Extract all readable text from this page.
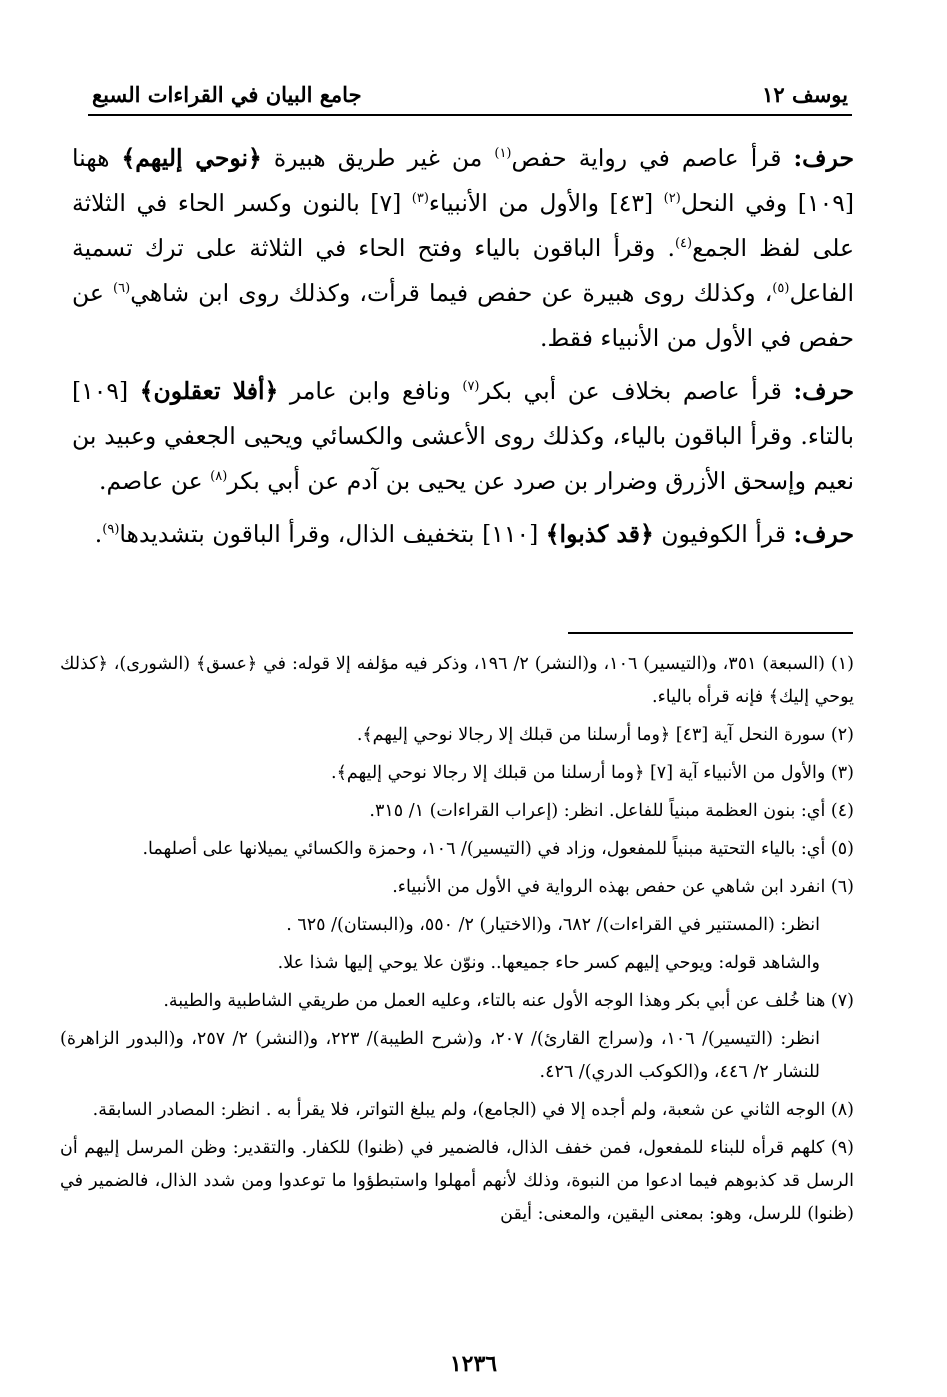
يوسف ١٢
جامع البيان في القراءات السبع

حرف: قرأ عاصم في رواية حفص$^{(١)}$ من غير طريق هبيرة ﴿نوحي إليهم﴾ ههنا [١٠٩] وفي النحل$^{(٢)}$ [٤٣] والأول من الأنبياء$^{(٣)}$ [٧] بالنون وكسر الحاء في الثلاثة على لفظ الجمع$^{(٤)}$. وقرأ الباقون بالياء وفتح الحاء في الثلاثة على ترك تسمية الفاعل$^{(٥)}$، وكذلك روى هبيرة عن حفص فيما قرأت، وكذلك روى ابن شاهي$^{(٦)}$ عن حفص في الأول من الأنبياء فقط.

حرف: قرأ عاصم بخلاف عن أبي بكر$^{(٧)}$ ونافع وابن عامر ﴿أفلا تعقلون﴾ [١٠٩] بالتاء. وقرأ الباقون بالياء، وكذلك روى الأعشى والكسائي ويحيى الجعفي وعبيد بن نعيم وإسحق الأزرق وضرار بن صرد عن يحيى بن آدم عن أبي بكر$^{(٨)}$ عن عاصم.

حرف: قرأ الكوفيون ﴿قد كذبوا﴾ [١١٠] بتخفيف الذال، وقرأ الباقون بتشديدها$^{(٩)}$.

(١) (السبعة) ٣٥١، و(التيسير) ١٠٦، و(النشر) ٢/ ١٩٦، وذكر فيه مؤلفه إلا قوله: في ﴿عسق﴾ (الشورى)، ﴿كذلك يوحي إليك﴾ فإنه قرأه بالياء.

(٢) سورة النحل آية [٤٣] ﴿وما أرسلنا من قبلك إلا رجالا نوحي إليهم﴾.

(٣) والأول من الأنبياء آية [٧] ﴿وما أرسلنا من قبلك إلا رجالا نوحي إليهم﴾.

(٤) أي: بنون العظمة مبنياً للفاعل. انظر: (إعراب القراءات) ١/ ٣١٥.

(٥) أي: بالياء التحتية مبنياً للمفعول، وزاد في (التيسير)/ ١٠٦، وحمزة والكسائي يميلانها على أصلهما.

(٦) انفرد ابن شاهي عن حفص بهذه الرواية في الأول من الأنبياء.

انظر: (المستنير في القراءات)/ ٦٨٢، و(الاختيار) ٢/ ٥٥٠، و(البستان)/ ٦٢٥ .

والشاهد قوله: ويوحي إليهم كسر حاء جميعها.. ونوّن علا يوحي إليها شذا علا.

(٧) هنا خُلف عن أبي بكر وهذا الوجه الأول عنه بالتاء، وعليه العمل من طريقي الشاطبية والطيبة.

انظر: (التيسير)/ ١٠٦، و(سراج القارئ)/ ٢٠٧، و(شرح الطيبة)/ ٢٢٣، و(النشر) ٢/ ٢٥٧، و(البدور الزاهرة) للنشار ٢/ ٤٤٦، و(الكوكب الدري)/ ٤٢٦.

(٨) الوجه الثاني عن شعبة، ولم أجده إلا في (الجامع)، ولم يبلغ التواتر، فلا يقرأ به . انظر: المصادر السابقة.

(٩) كلهم قرأه للبناء للمفعول، فمن خفف الذال، فالضمير في (ظنوا) للكفار. والتقدير: وظن المرسل إليهم أن الرسل قد كذبوهم فيما ادعوا من النبوة، وذلك لأنهم أمهلوا واستبطؤوا ما توعدوا ومن شدد الذال، فالضمير في (ظنوا) للرسل، وهو: بمعنى اليقين، والمعنى: أيقن

١٢٣٦
